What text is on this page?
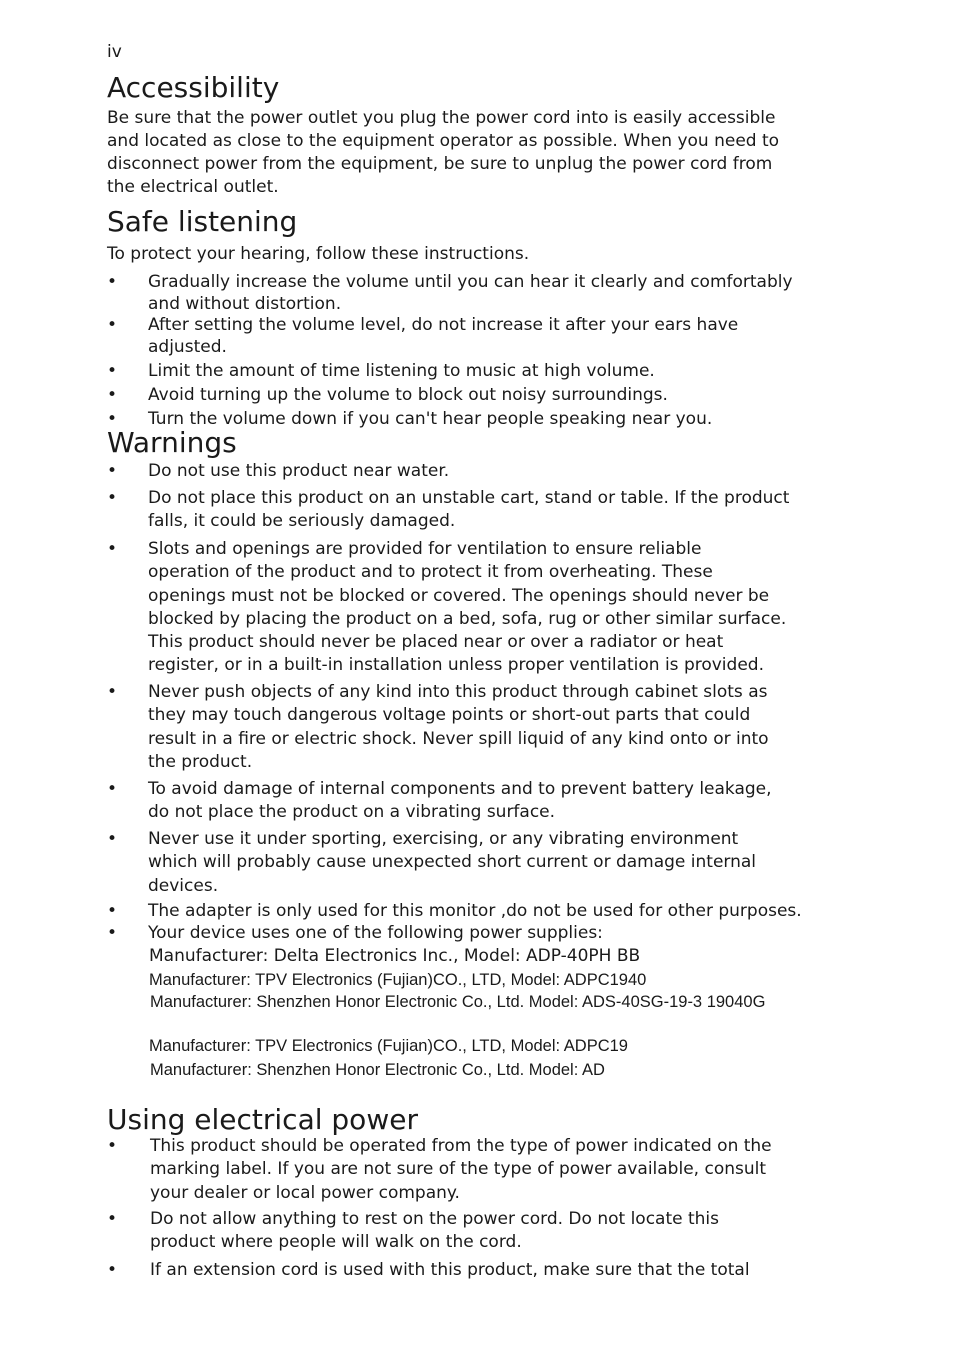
iv
Accessibility
Be sure that the power outlet you plug the power cord into is easily accessible
and located as close to the equipment operator as possible. When you need to
disconnect power from the equipment, be sure to unplug the power cord from
the electrical outlet.
Safe listening
To protect your hearing, follow these instructions.
• Gradually increase the volume until you can hear it clearly and comfortably
and without distortion.
• After setting the volume level, do not increase it after your ears have
adjusted.
• Limit the amount of time listening to music at high volume.
• Avoid turning up the volume to block out noisy surroundings.
• Turn the volume down if you can't hear people speaking near you.
Warnings
• Do not use this product near water.
• Do not place this product on an unstable cart, stand or table. If the product
falls, it could be seriously damaged.
• Slots and openings are provided for ventilation to ensure reliable
operation of the product and to protect it from overheating. These
openings must not be blocked or covered. The openings should never be
blocked by placing the product on a bed, sofa, rug or other similar surface.
This product should never be placed near or over a radiator or heat
register, or in a built-in installation unless proper ventilation is provided.
• Never push objects of any kind into this product through cabinet slots as
they may touch dangerous voltage points or short-out parts that could
result in a fire or electric shock. Never spill liquid of any kind onto or into
the product.
• To avoid damage of internal components and to prevent battery leakage,
do not place the product on a vibrating surface.
• Never use it under sporting, exercising, or any vibrating environment
which will probably cause unexpected short current or damage internal
devices.
• The adapter is only used for this monitor ,do not be used for other purposes.
• Your device uses one of the following power supplies:
Manufacturer: Delta Electronics Inc., Model: ADP-40PH BB
Manufacturer: TPV Electronics (Fujian)CO., LTD, Model: ADPC1940
Manufacturer: Shenzhen Honor Electronic Co., Ltd. Model: ADS-40SG-19-3 19040G
Manufacturer: TPV Electronics (Fujian)CO., LTD, Model: ADPC19
Manufacturer: Shenzhen Honor Electronic Co., Ltd. Model: AD
Using electrical power
• This product should be operated from the type of power indicated on the
marking label. If you are not sure of the type of power available, consult
your dealer or local power company.
• Do not allow anything to rest on the power cord. Do not locate this
product where people will walk on the cord.
• If an extension cord is used with this product, make sure that the total
